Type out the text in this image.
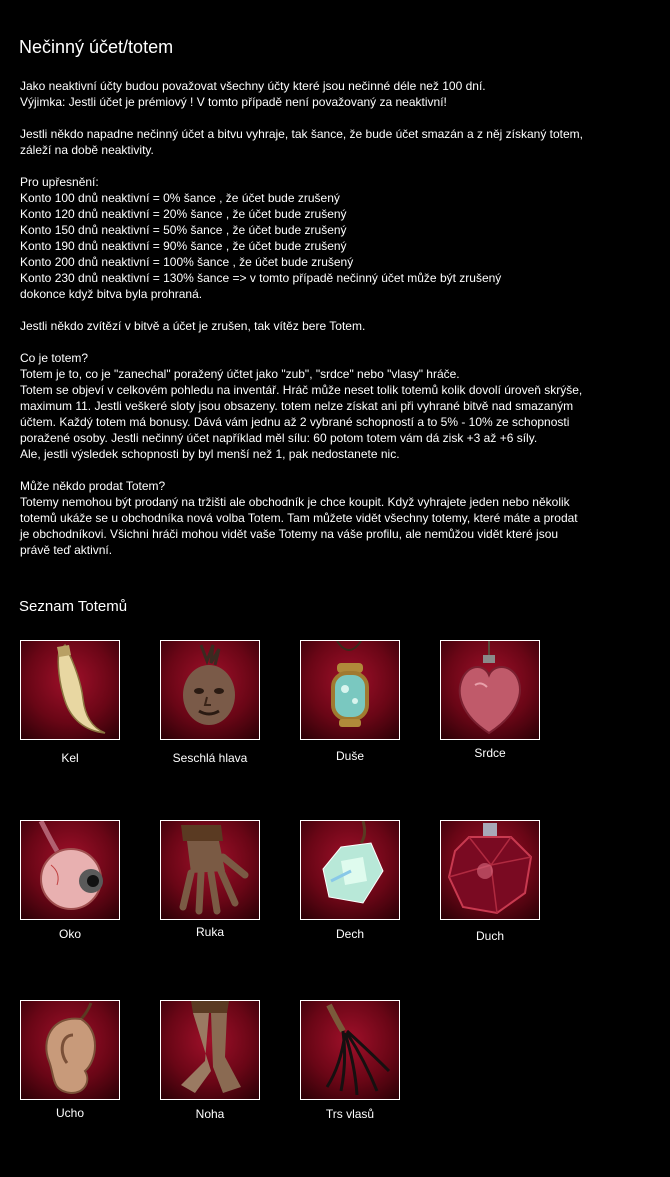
Nečinný účet/totem
Jako neaktivní účty budou považovat všechny účty které jsou nečinné déle než 100 dní.
Výjimka: Jestli účet je prémiový ! V tomto případě není považovaný za neaktivní!
Jestli někdo napadne nečinný účet a bitvu vyhraje, tak šance, že bude účet smazán a z něj získaný totem,
záleží na době neaktivity.
Pro upřesnění:
Konto 100 dnů neaktivní = 0% šance , že účet bude zrušený
Konto 120 dnů neaktivní = 20% šance , že účet bude zrušený
Konto 150 dnů neaktivní = 50% šance , že účet bude zrušený
Konto 190 dnů neaktivní = 90% šance , že účet bude zrušený
Konto 200 dnů neaktivní = 100% šance , že účet bude zrušený
Konto 230 dnů neaktivní = 130% šance => v tomto případě nečinný účet může být zrušený
dokonce když bitva byla prohraná.
Jestli někdo zvítězí v bitvě a účet je zrušen, tak vítěz bere Totem.
Co je totem?
Totem je to, co je "zanechal" poražený účtet jako "zub", "srdce" nebo "vlasy" hráče.
Totem se objeví v celkovém pohledu na inventář. Hráč může neset tolik totemů kolik dovolí úroveň skrýše,
maximum 11. Jestli veškeré sloty jsou obsazeny. totem nelze získat ani při vyhrané bitvě nad smazaným
účtem. Každý totem má bonusy. Dává vám jednu až 2 vybrané schopností a to 5% - 10% ze schopnosti
poražené osoby. Jestli nečinný účet například měl sílu: 60 potom totem vám dá zisk +3 až +6 síly.
Ale, jestli výsledek schopnosti by byl menší než 1, pak nedostanete nic.
Může někdo prodat Totem?
Totemy nemohou být prodaný na tržišti ale obchodník je chce koupit. Když vyhrajete jeden nebo několik
totemů ukáže se u obchodníka nová volba Totem. Tam můžete vidět všechny totemy, které máte a prodat
je obchodníkovi. Všichni hráči mohou vidět vaše Totemy na váše profilu, ale nemůžou vidět které jsou
právě teď aktivní.
Seznam Totemů
Kel	Seschlá hlava	Duše	Srdce
Oko	Ruka	Dech	Duch
Ucho	Noha	Trs vlasů
